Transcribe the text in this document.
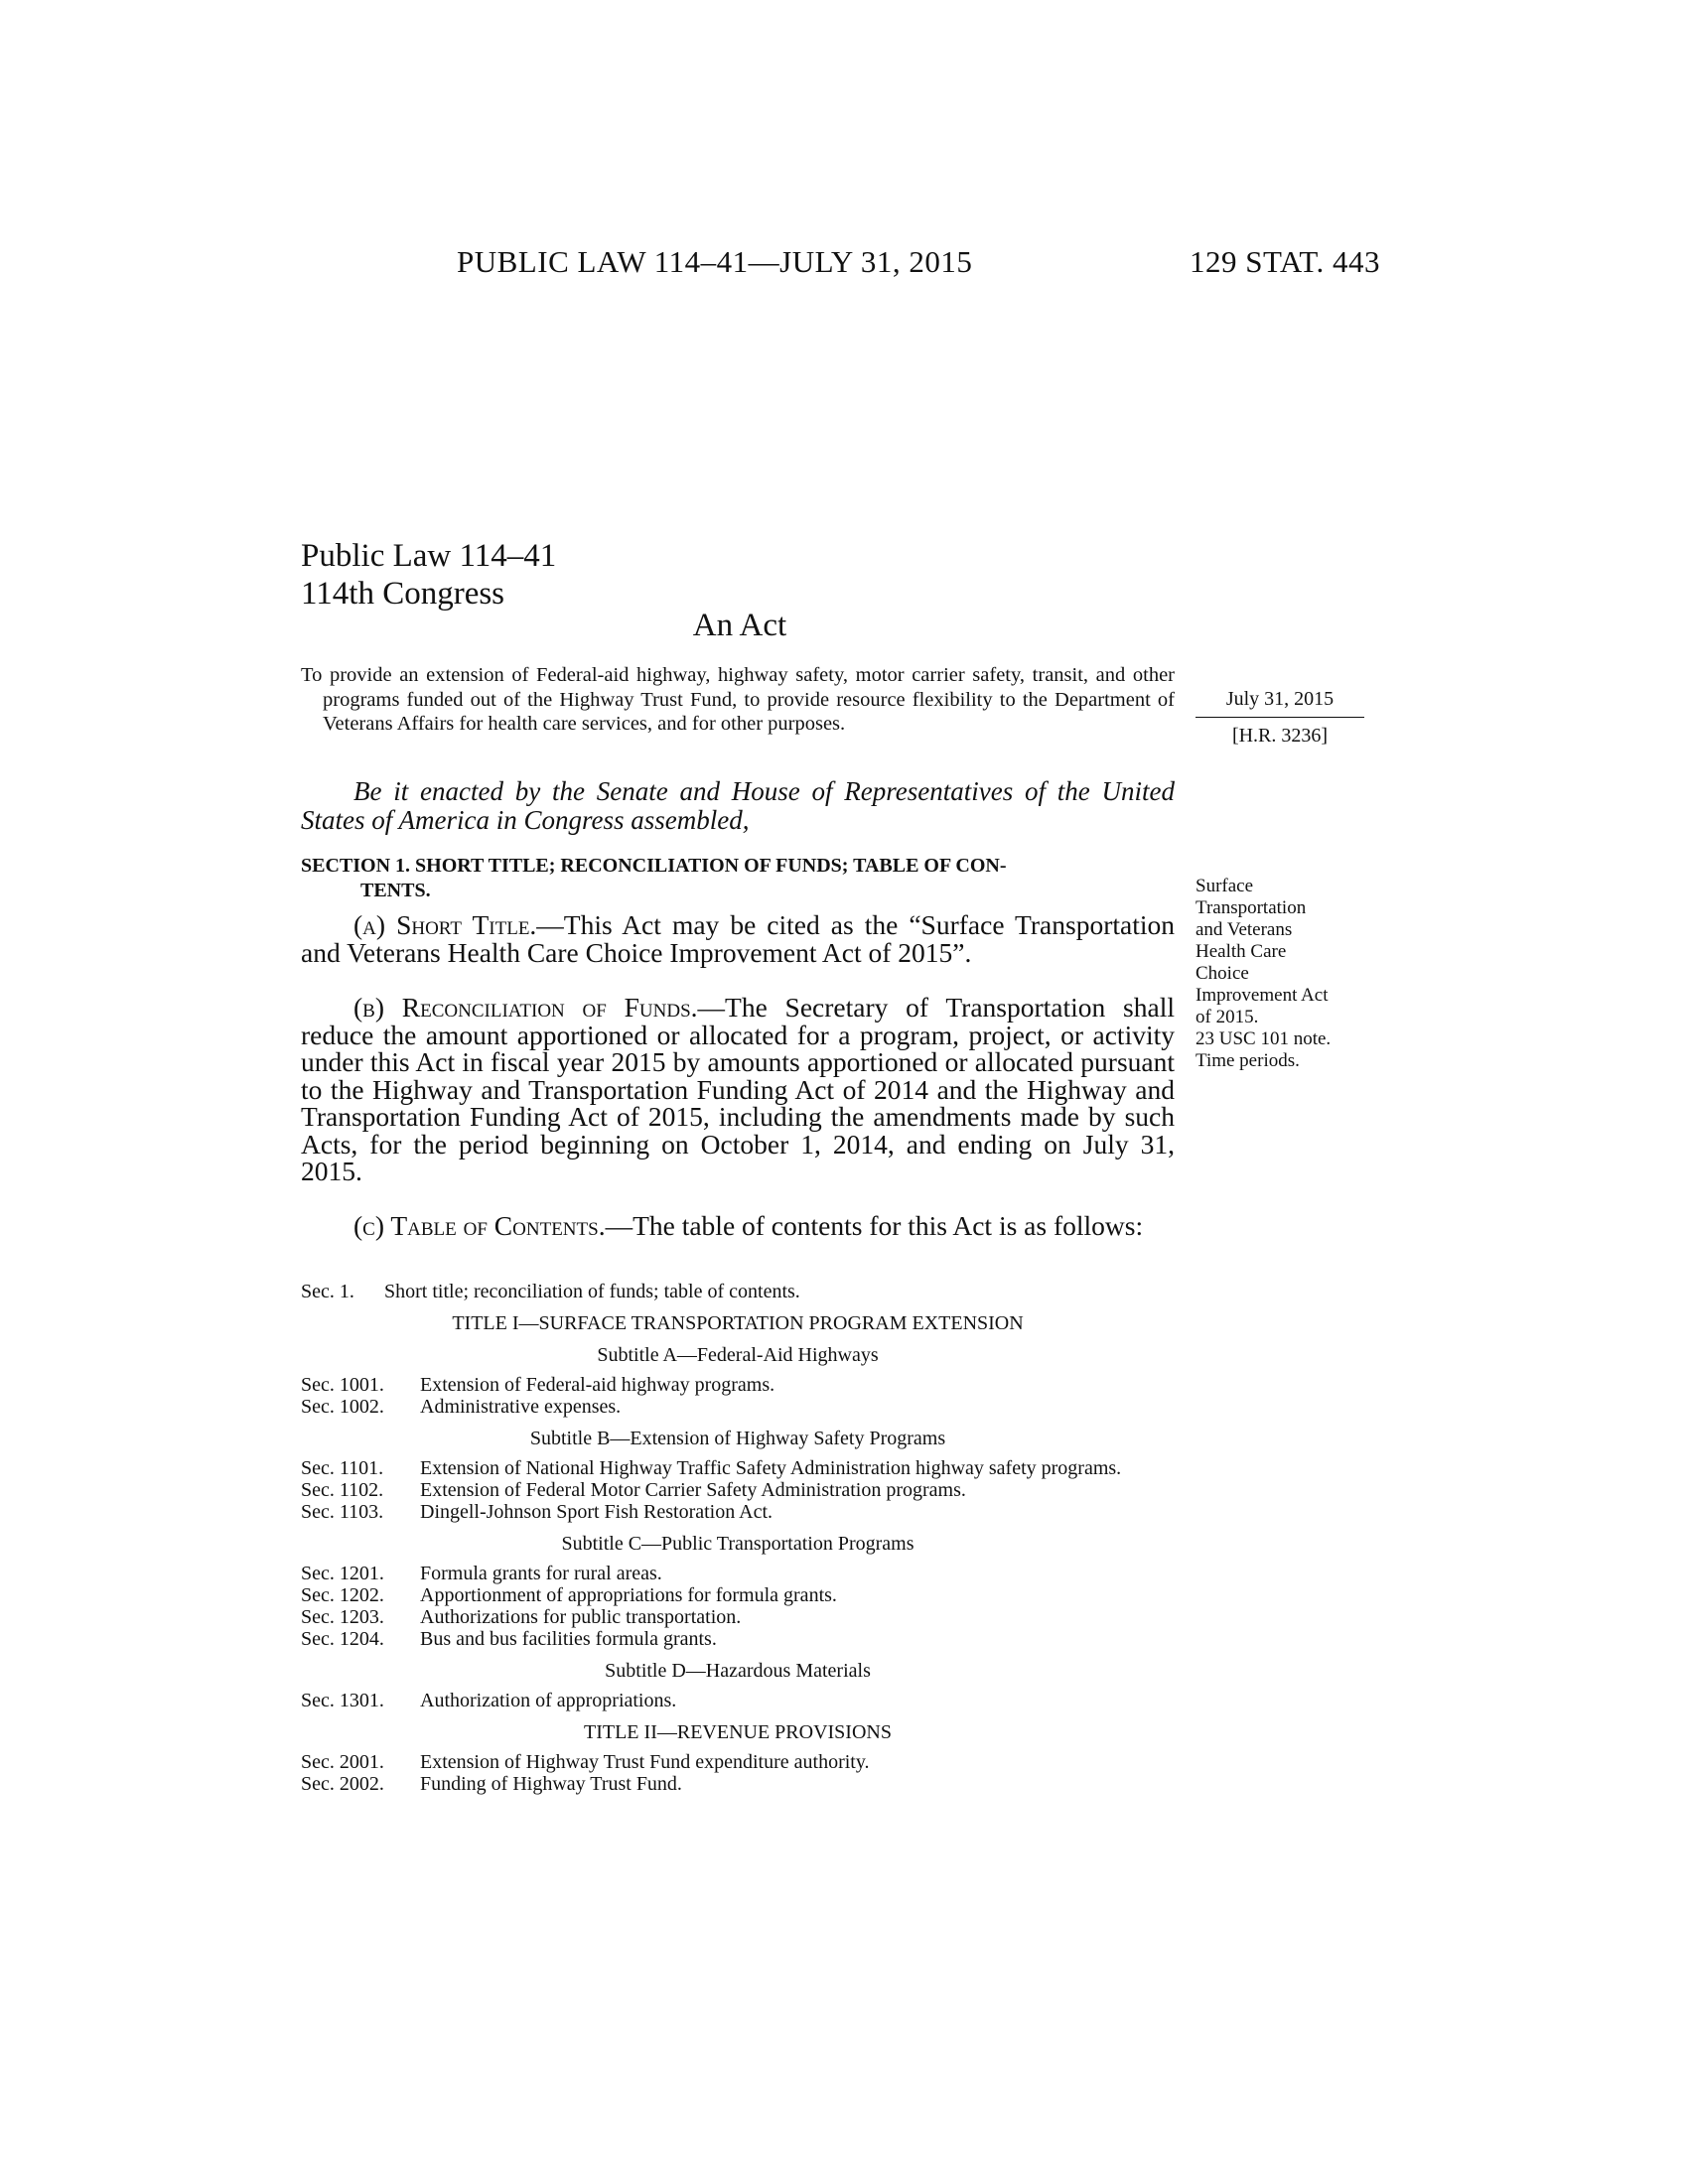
PUBLIC LAW 114–41—JULY 31, 2015	129 STAT. 443
Public Law 114–41
114th Congress
An Act
To provide an extension of Federal-aid highway, highway safety, motor carrier safety, transit, and other programs funded out of the Highway Trust Fund, to provide resource flexibility to the Department of Veterans Affairs for health care services, and for other purposes.
July 31, 2015
[H.R. 3236]
Be it enacted by the Senate and House of Representatives of the United States of America in Congress assembled,
SECTION 1. SHORT TITLE; RECONCILIATION OF FUNDS; TABLE OF CON-
TENTS.	Surface
Transportation
and Veterans
Health Care
Choice
Improvement Act
of 2015.
23 USC 101 note.
Time periods.
(a) Short Title.—This Act may be cited as the “Surface Transportation and Veterans Health Care Choice Improvement Act of 2015”.
(b) Reconciliation of Funds.—The Secretary of Transportation shall reduce the amount apportioned or allocated for a program, project, or activity under this Act in fiscal year 2015 by amounts apportioned or allocated pursuant to the Highway and Transportation Funding Act of 2014 and the Highway and Transportation Funding Act of 2015, including the amendments made by such Acts, for the period beginning on October 1, 2014, and ending on July 31, 2015.
(c) Table of Contents.—The table of contents for this Act is as follows:
Sec. 1. Short title; reconciliation of funds; table of contents.
TITLE I—SURFACE TRANSPORTATION PROGRAM EXTENSION
Subtitle A—Federal-Aid Highways
Sec. 1001. Extension of Federal-aid highway programs.
Sec. 1002. Administrative expenses.
Subtitle B—Extension of Highway Safety Programs
Sec. 1101. Extension of National Highway Traffic Safety Administration highway safety programs.
Sec. 1102. Extension of Federal Motor Carrier Safety Administration programs.
Sec. 1103. Dingell-Johnson Sport Fish Restoration Act.
Subtitle C—Public Transportation Programs
Sec. 1201. Formula grants for rural areas.
Sec. 1202. Apportionment of appropriations for formula grants.
Sec. 1203. Authorizations for public transportation.
Sec. 1204. Bus and bus facilities formula grants.
Subtitle D—Hazardous Materials
Sec. 1301. Authorization of appropriations.
TITLE II—REVENUE PROVISIONS
Sec. 2001. Extension of Highway Trust Fund expenditure authority.
Sec. 2002. Funding of Highway Trust Fund.
